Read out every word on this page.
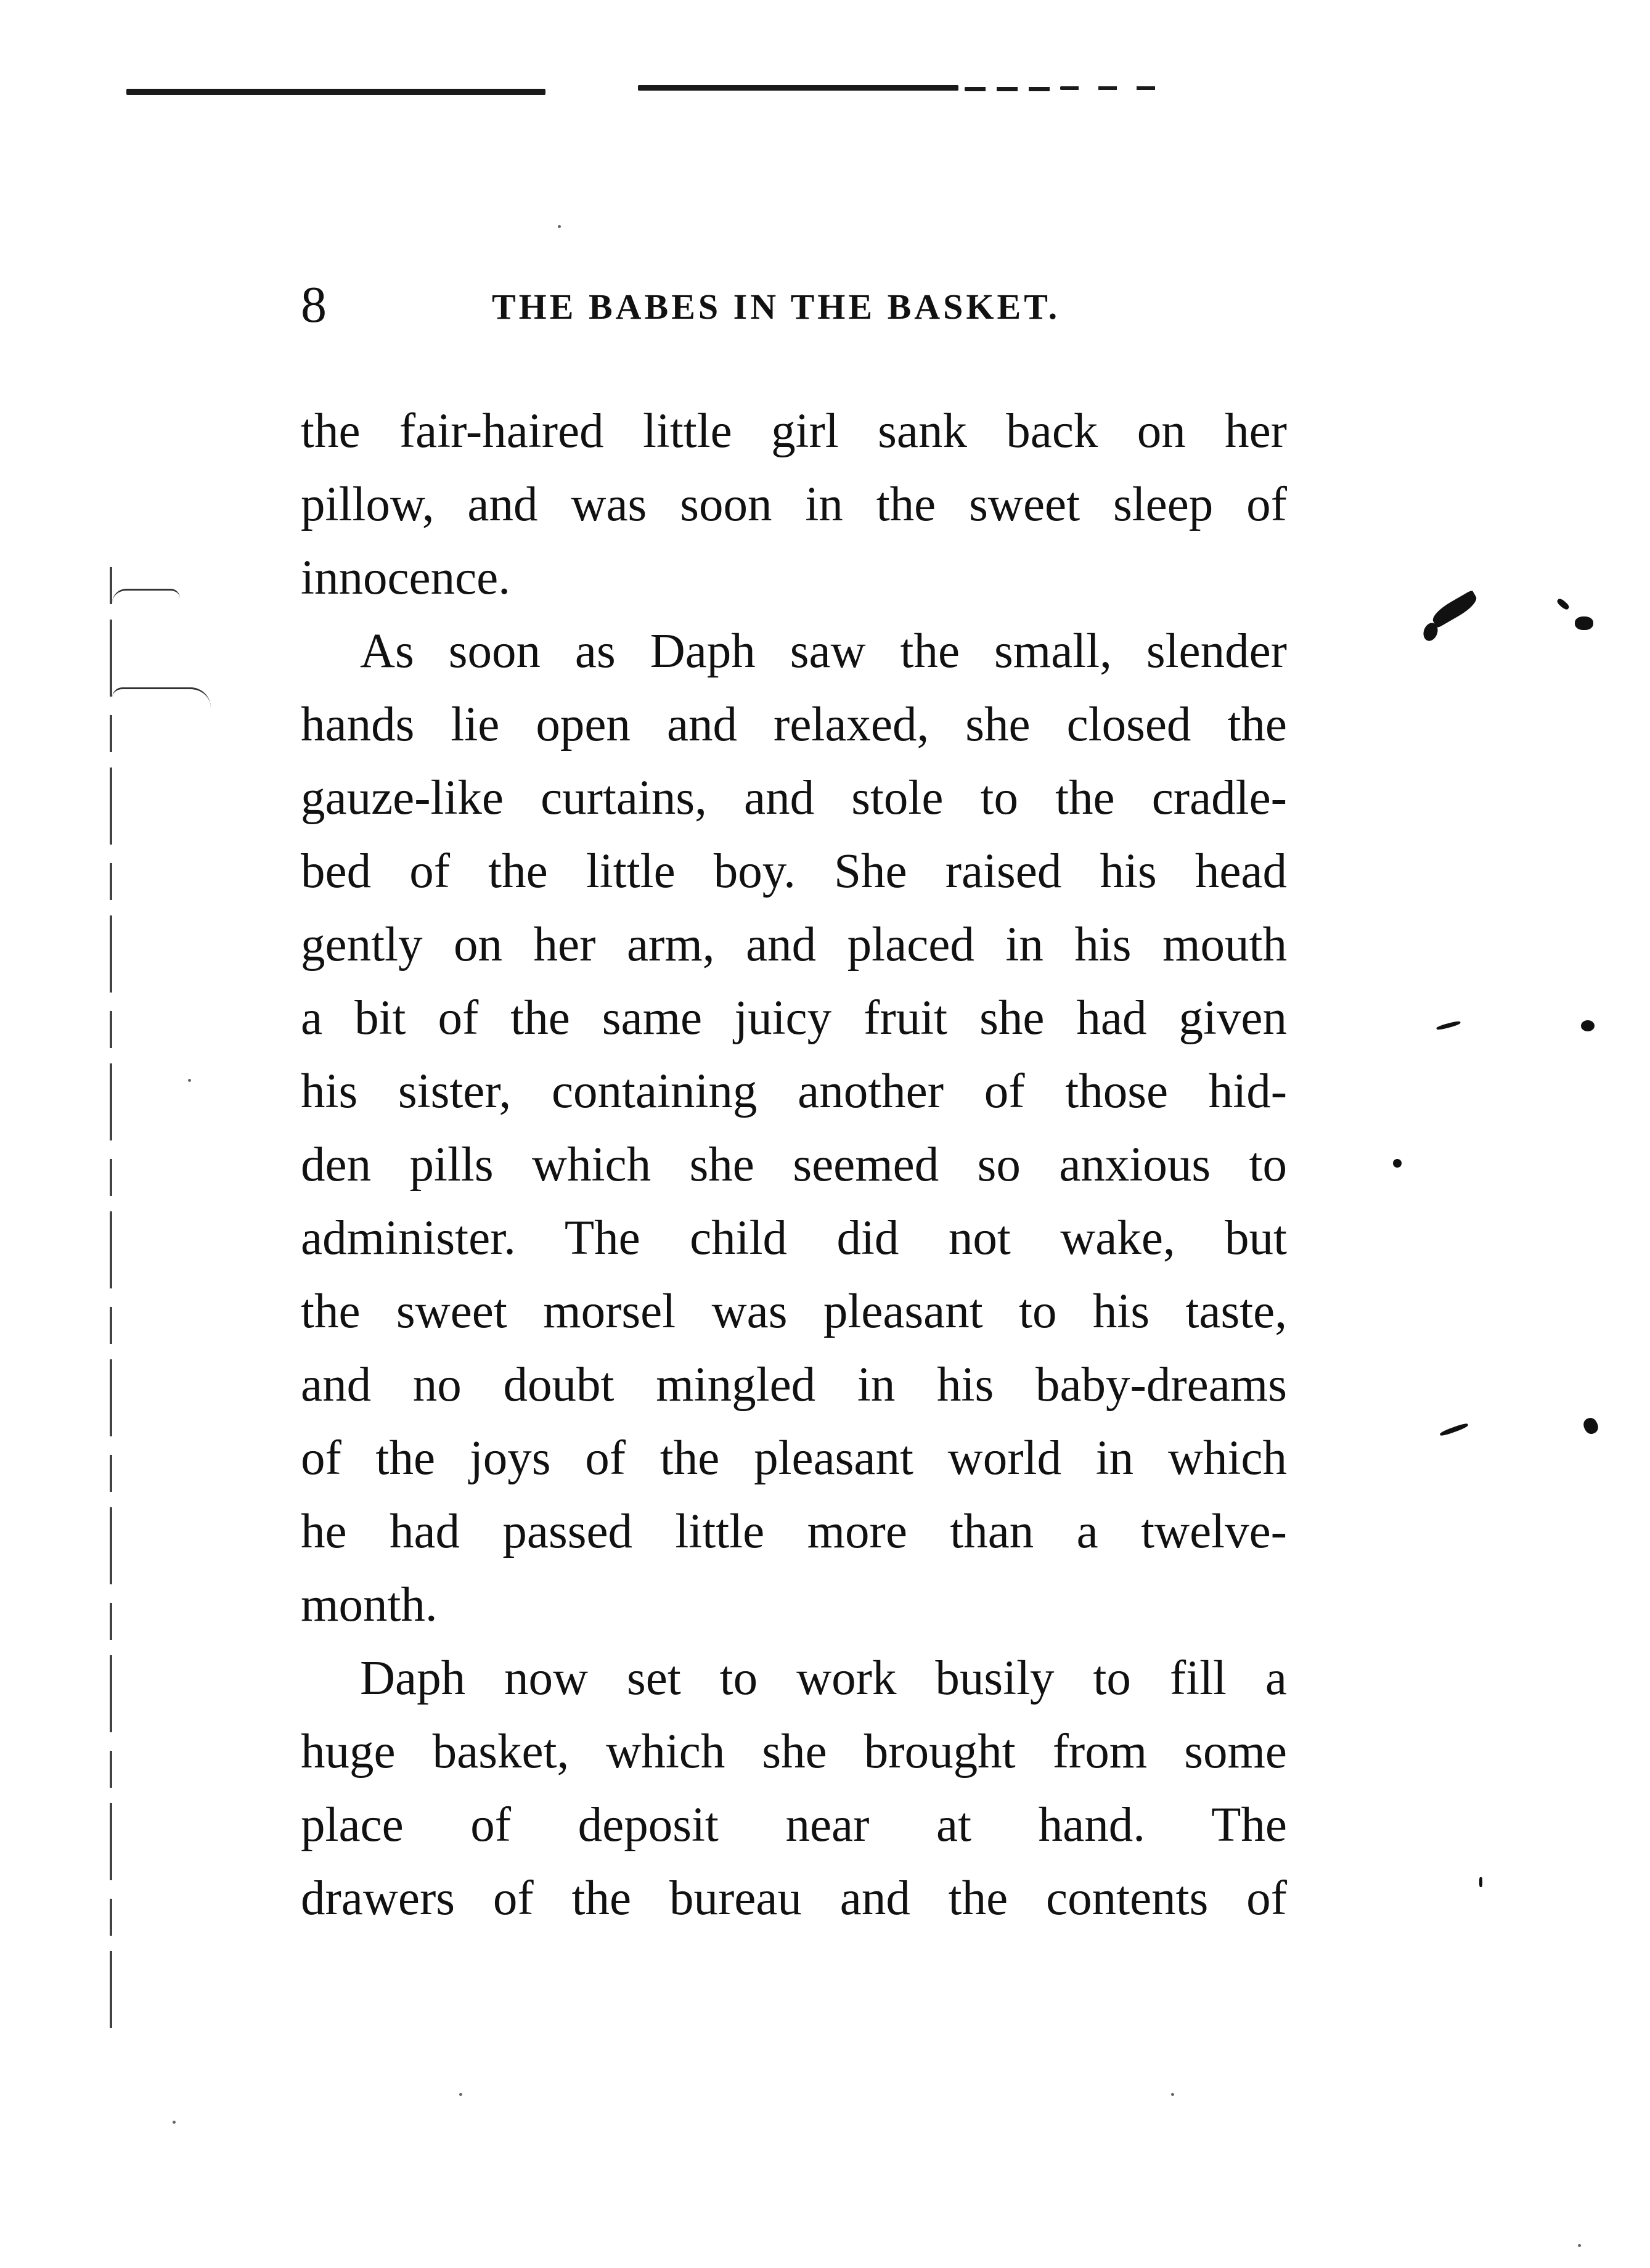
8	THE BABES IN THE BASKET.
the fair-haired little girl sank back on her
pillow, and was soon in the sweet sleep of
innocence.
As soon as Daph saw the small, slender
hands lie open and relaxed, she closed the
gauze-like curtains, and stole to the cradle-
bed of the little boy. She raised his head
gently on her arm, and placed in his mouth
a bit of the same juicy fruit she had given
his sister, containing another of those hid-
den pills which she seemed so anxious to
administer. The child did not wake, but
the sweet morsel was pleasant to his taste,
and no doubt mingled in his baby-dreams
of the joys of the pleasant world in which
he had passed little more than a twelve-
month.
Daph now set to work busily to fill a
huge basket, which she brought from some
place of deposit near at hand. The
drawers of the bureau and the contents of
